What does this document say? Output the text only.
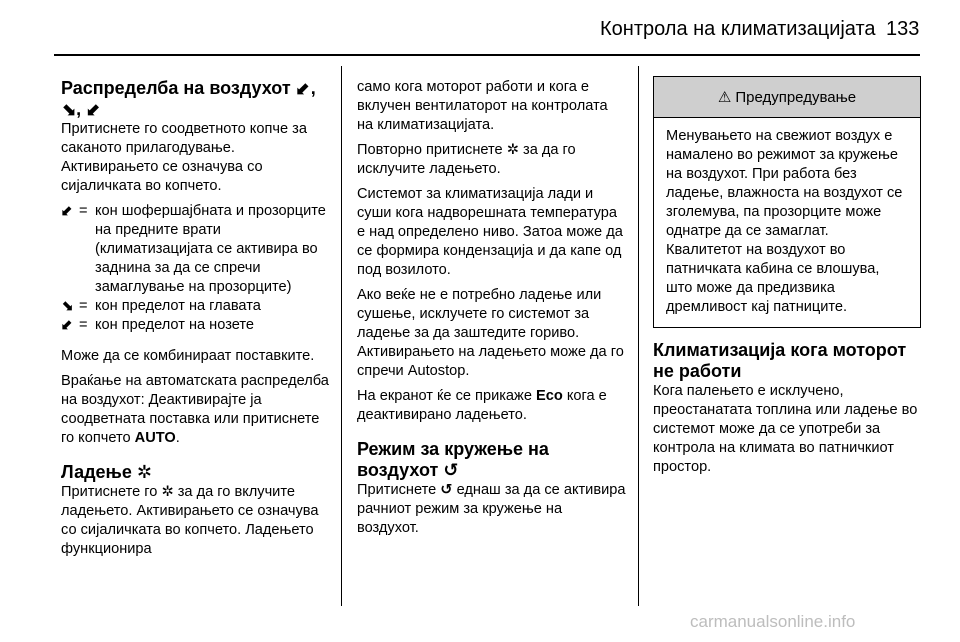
Контрола на климатизацијата 133
Распределба на воздухот ⬋, ⬊, ⬋

Притиснете го соодветното копче за саканото прилагодување. Активирањето се означува со сијаличката во копчето.

⬋ = кон шофершајбната и прозорците на предните врати (климатизацијата се активира во заднина за да се спречи замаглување на прозорците)
⬊ = кон пределот на главата
⬋ = кон пределот на нозете

Може да се комбинираат поставките.

Враќање на автоматската распределба на воздухот: Деактивирајте ја соодветната поставка или притиснете го копчето AUTO.

Ладење ✲

Притиснете го ✲ за да го вклучите ладењето. Активирањето се означува со сијаличката во копчето. Ладењето функционира

само кога моторот работи и кога е вклучен вентилаторот на контролата на климатизацијата.

Повторно притиснете ✲ за да го исклучите ладењето.

Системот за климатизација лади и суши кога надворешната температура е над определено ниво. Затоа може да се формира кондензација и да капе од под возилото.

Ако веќе не е потребно ладење или сушење, исклучете го системот за ладење за да заштедите гориво. Активирањето на ладењето може да го спречи Autostop.

На екранот ќе се прикаже Eco кога е деактивирано ладењето.

Режим за кружење на воздухот ↺

Притиснете ↺ еднаш за да се активира рачниот режим за кружење на воздухот.

⚠ Предупредување
Менувањето на свежиот воздух е намалено во режимот за кружење на воздухот. При работа без ладење, влажноста на воздухот се зголемува, па прозорците може однатре да се замаглат. Квалитетот на воздухот во патничката кабина се влошува, што може да предизвика дремливост кај патниците.
Климатизација кога моторот не работи

Кога палењето е исклучено, преостанатата топлина или ладење во системот може да се употреби за контрола на климата во патничкиот простор.

carmanualsonline.info
